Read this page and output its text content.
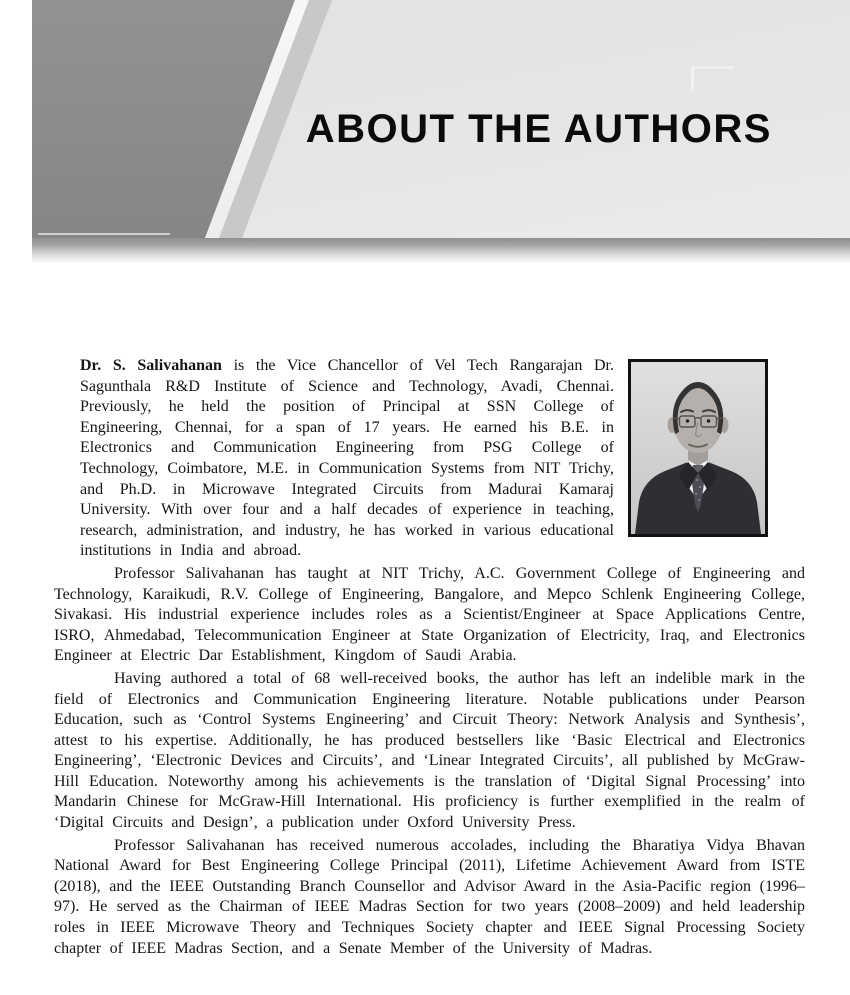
ABOUT THE AUTHORS
Dr. S. Salivahanan is the Vice Chancellor of Vel Tech Rangarajan Dr. Sagunthala R&D Institute of Science and Technology, Avadi, Chennai. Previously, he held the position of Principal at SSN College of Engineering, Chennai, for a span of 17 years. He earned his B.E. in Electronics and Communication Engineering from PSG College of Technology, Coimbatore, M.E. in Communication Systems from NIT Trichy, and Ph.D. in Microwave Integrated Circuits from Madurai Kamaraj University. With over four and a half decades of experience in teaching, research, administration, and industry, he has worked in various educational institutions in India and abroad.

Professor Salivahanan has taught at NIT Trichy, A.C. Government College of Engineering and Technology, Karaikudi, R.V. College of Engineering, Bangalore, and Mepco Schlenk Engineering College, Sivakasi. His industrial experience includes roles as a Scientist/Engineer at Space Applications Centre, ISRO, Ahmedabad, Telecommunication Engineer at State Organization of Electricity, Iraq, and Electronics Engineer at Electric Dar Establishment, Kingdom of Saudi Arabia.

Having authored a total of 68 well-received books, the author has left an indelible mark in the field of Electronics and Communication Engineering literature. Notable publications under Pearson Education, such as ‘Control Systems Engineering’ and Circuit Theory: Network Analysis and Synthesis’, attest to his expertise. Additionally, he has produced bestsellers like ‘Basic Electrical and Electronics Engineering’, ‘Electronic Devices and Circuits’, and ‘Linear Integrated Circuits’, all published by McGraw-Hill Education. Noteworthy among his achievements is the translation of ‘Digital Signal Processing’ into Mandarin Chinese for McGraw-Hill International. His proficiency is further exemplified in the realm of ‘Digital Circuits and Design’, a publication under Oxford University Press.

Professor Salivahanan has received numerous accolades, including the Bharatiya Vidya Bhavan National Award for Best Engineering College Principal (2011), Lifetime Achievement Award from ISTE (2018), and the IEEE Outstanding Branch Counsellor and Advisor Award in the Asia-Pacific region (1996–97). He served as the Chairman of IEEE Madras Section for two years (2008–2009) and held leadership roles in IEEE Microwave Theory and Techniques Society chapter and IEEE Signal Processing Society chapter of IEEE Madras Section, and a Senate Member of the University of Madras.
